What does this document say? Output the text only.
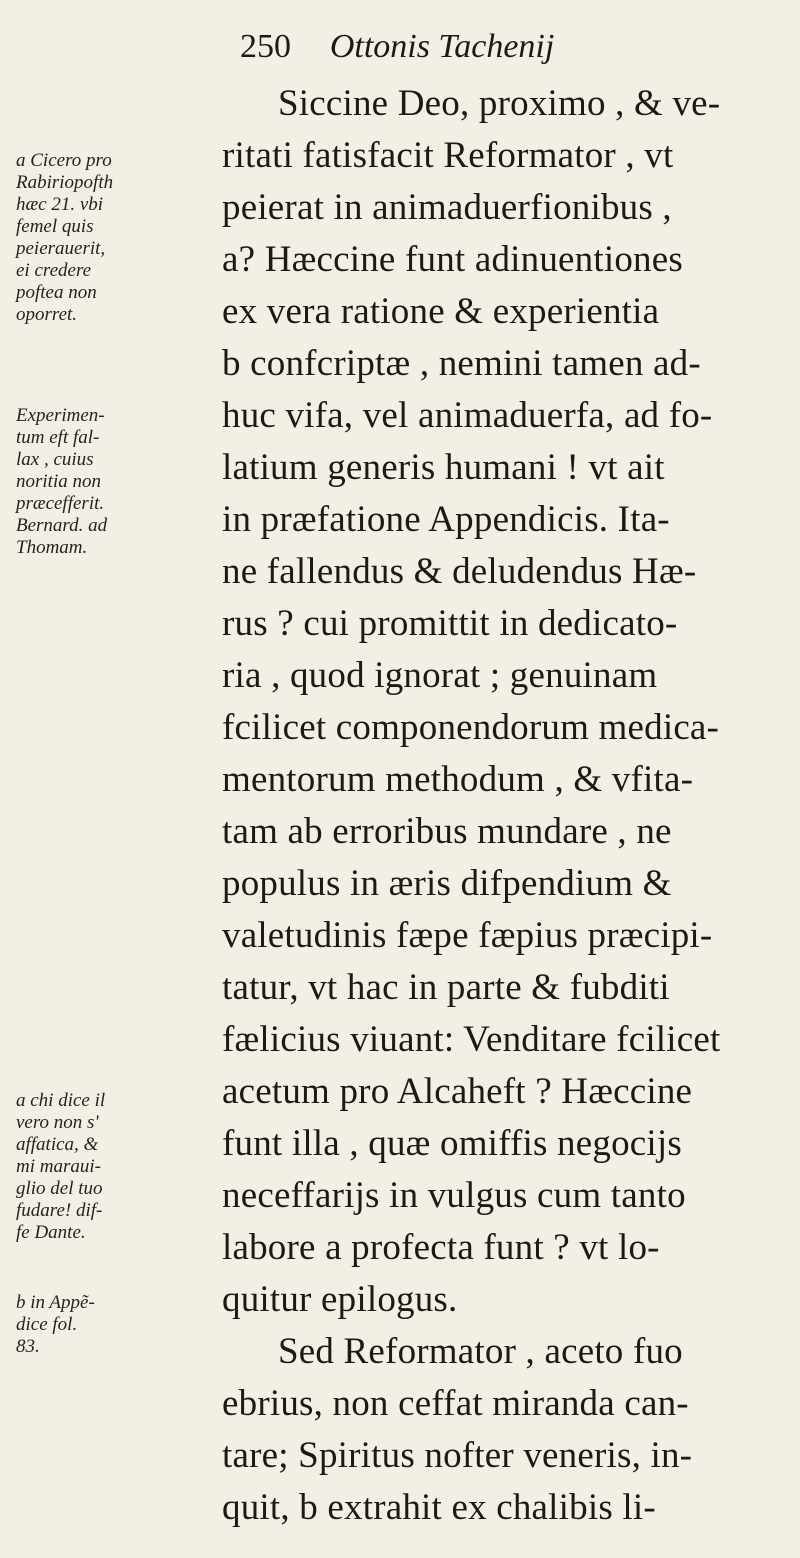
250 Ottonis Tachenij
a Cicero pro
Rabiriopofth
hæc 21. vbi
femel quis
peierauerit,
ei credere
poftea non
oporret.
Experimen-
tum eft fal-
lax , cuius
noritia non
præcefferit.
Bernard. ad
Thomam.
a chi dice il
vero non s'
affatica, &
mi maraui-
glio del tuo
fudare! dif-
fe Dante.
b in Appẽ-
dice fol.
83.

Siccine Deo, proximo , & ve-

ritati fatisfacit Reformator , vt

peierat in animaduerfionibus ,

a? Hæccine funt adinuentiones

ex vera ratione & experientia

b confcriptæ , nemini tamen ad-

huc vifa, vel animaduerfa, ad fo-

latium generis humani ! vt ait

in præfatione Appendicis. Ita-

ne fallendus & deludendus Hæ-

rus ? cui promittit in dedicato-

ria , quod ignorat ; genuinam

fcilicet componendorum medica-

mentorum methodum , & vfita-

tam ab erroribus mundare , ne

populus in æris difpendium &

valetudinis fæpe fæpius præcipi-

tatur, vt hac in parte & fubditi

fælicius viuant: Venditare fcilicet

acetum pro Alcaheft ? Hæccine

funt illa , quæ omiffis negocijs

neceffarijs in vulgus cum tanto

labore a profecta funt ? vt lo-

quitur epilogus.

Sed Reformator , aceto fuo

ebrius, non ceffat miranda can-

tare; Spiritus nofter veneris, in-

quit, b extrahit ex chalibis li-
